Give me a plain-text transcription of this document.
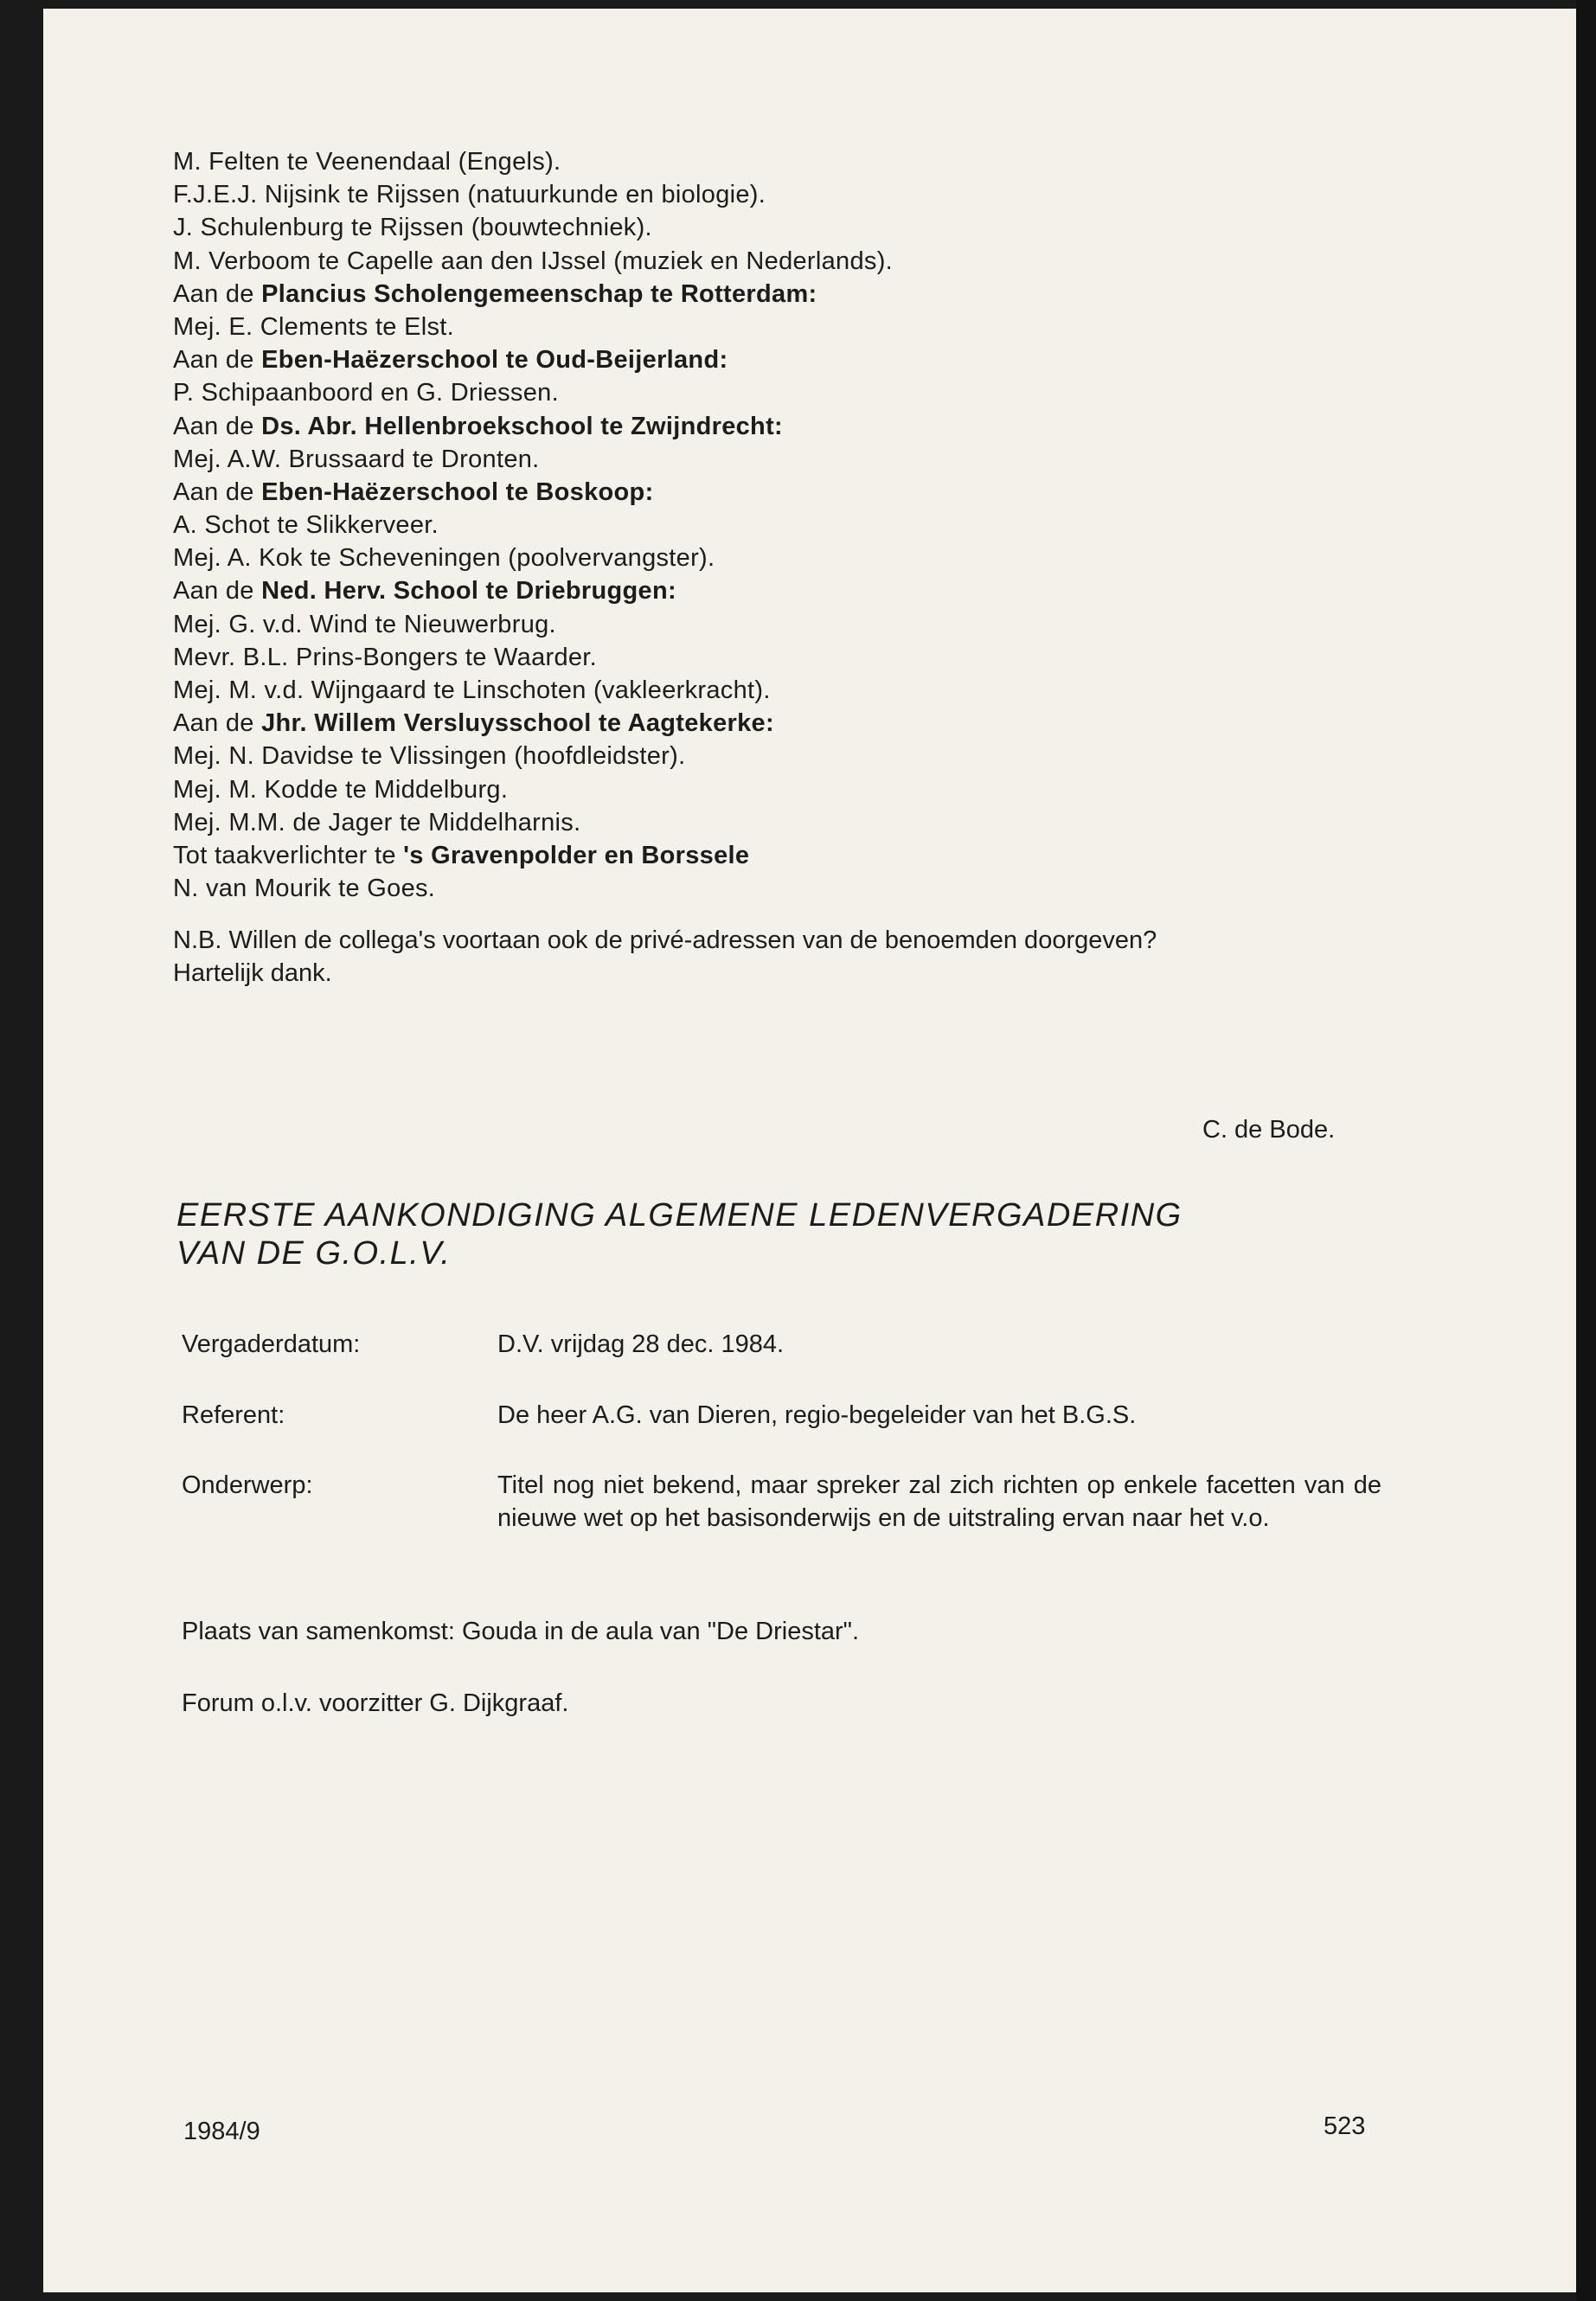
M. Felten te Veenendaal (Engels).
F.J.E.J. Nijsink te Rijssen (natuurkunde en biologie).
J. Schulenburg te Rijssen (bouwtechniek).
M. Verboom te Capelle aan den IJssel (muziek en Nederlands).
Aan de Plancius Scholengemeenschap te Rotterdam:
Mej. E. Clements te Elst.
Aan de Eben-Haëzerschool te Oud-Beijerland:
P. Schipaanboord en G. Driessen.
Aan de Ds. Abr. Hellenbroekschool te Zwijndrecht:
Mej. A.W. Brussaard te Dronten.
Aan de Eben-Haëzerschool te Boskoop:
A. Schot te Slikkerveer.
Mej. A. Kok te Scheveningen (poolvervangster).
Aan de Ned. Herv. School te Driebruggen:
Mej. G. v.d. Wind te Nieuwerbrug.
Mevr. B.L. Prins-Bongers te Waarder.
Mej. M. v.d. Wijngaard te Linschoten (vakleerkracht).
Aan de Jhr. Willem Versluysschool te Aagtekerke:
Mej. N. Davidse te Vlissingen (hoofdleidster).
Mej. M. Kodde te Middelburg.
Mej. M.M. de Jager te Middelharnis.
Tot taakverlichter te 's Gravenpolder en Borssele
N. van Mourik te Goes.
N.B. Willen de collega's voortaan ook de privé-adressen van de benoemden doorgeven?
Hartelijk dank.
C. de Bode.
EERSTE AANKONDIGING ALGEMENE LEDENVERGADERING
VAN DE G.O.L.V.
Vergaderdatum:	D.V. vrijdag 28 dec. 1984.
Referent:	De heer A.G. van Dieren, regio-begeleider van het B.G.S.
Onderwerp:	Titel nog niet bekend, maar spreker zal zich richten op enkele facetten van de nieuwe wet op het basisonderwijs en de uitstraling ervan naar het v.o.
Plaats van samenkomst: Gouda in de aula van "De Driestar".
Forum o.l.v. voorzitter G. Dijkgraaf.
1984/9	523
